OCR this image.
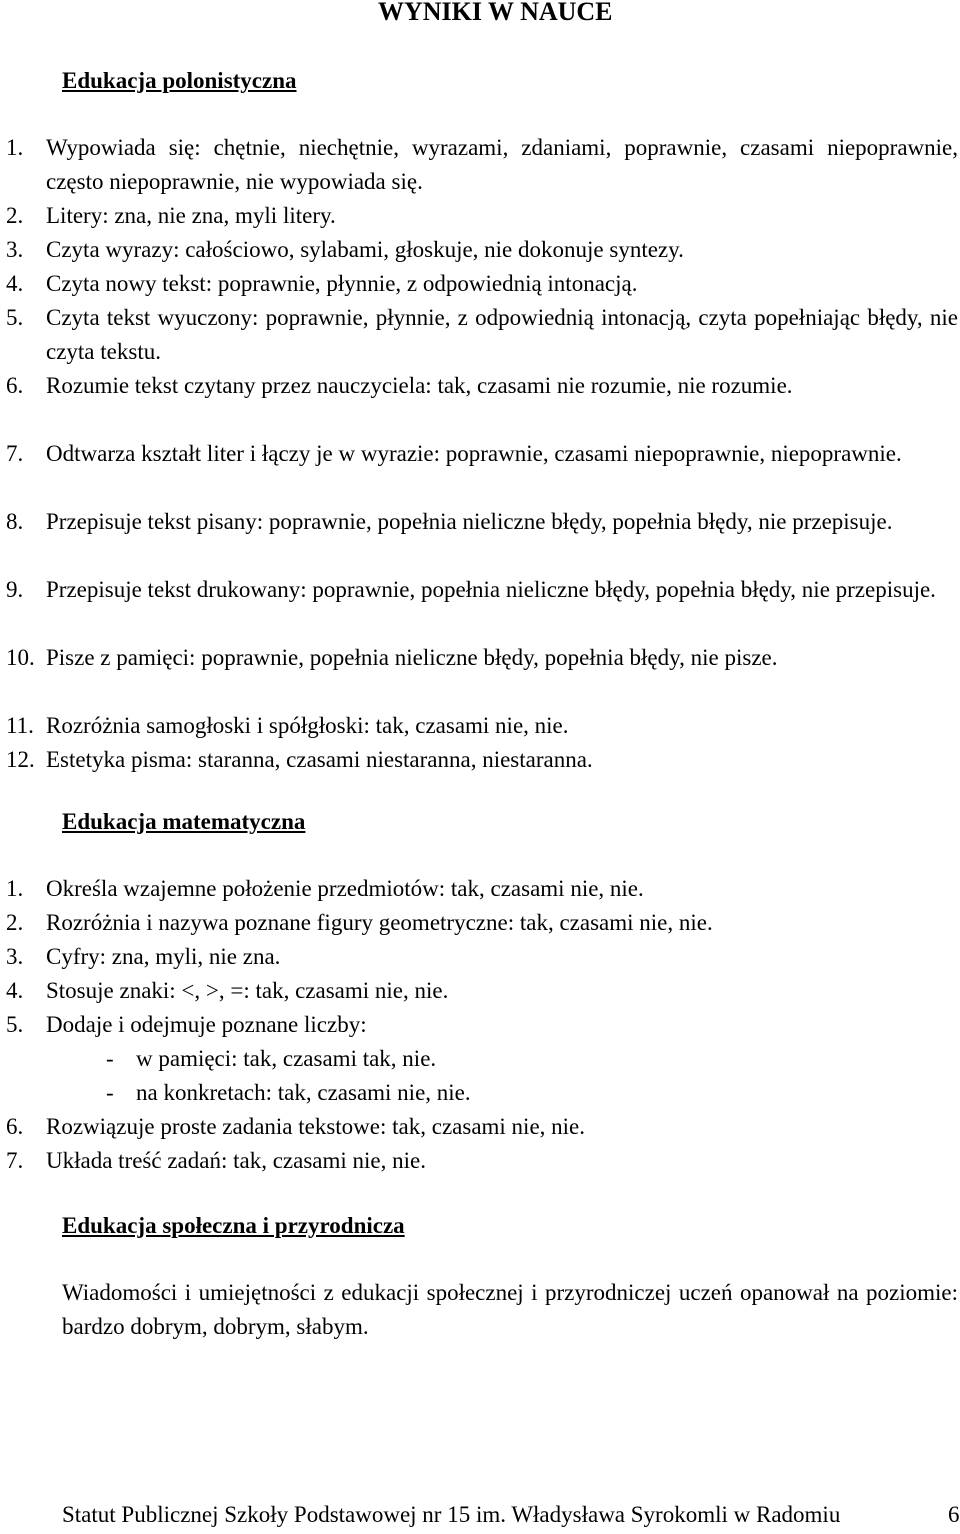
WYNIKI W NAUCE
Edukacja polonistyczna
1. Wypowiada się: chętnie, niechętnie, wyrazami, zdaniami, poprawnie, czasami niepoprawnie, często niepoprawnie, nie wypowiada się.
2. Litery: zna, nie zna, myli litery.
3. Czyta wyrazy: całościowo, sylabami, głoskuje, nie dokonuje syntezy.
4. Czyta nowy tekst: poprawnie, płynnie, z odpowiednią intonacją.
5. Czyta tekst wyuczony: poprawnie, płynnie, z odpowiednią intonacją, czyta popełniając błędy, nie czyta tekstu.
6. Rozumie tekst czytany przez nauczyciela: tak, czasami nie rozumie, nie rozumie.
7. Odtwarza kształt liter i łączy je w wyrazie: poprawnie, czasami niepoprawnie, niepoprawnie.
8. Przepisuje tekst pisany: poprawnie, popełnia nieliczne błędy, popełnia błędy, nie przepisuje.
9. Przepisuje tekst drukowany: poprawnie, popełnia nieliczne błędy, popełnia błędy, nie przepisuje.
10. Pisze z pamięci: poprawnie, popełnia nieliczne błędy, popełnia błędy, nie pisze.
11. Rozróżnia samogłoski i spółgłoski: tak, czasami nie, nie.
12. Estetyka pisma: staranna, czasami niestaranna, niestaranna.
Edukacja matematyczna
1. Określa wzajemne położenie przedmiotów: tak, czasami nie, nie.
2. Rozróżnia i nazywa poznane figury geometryczne: tak, czasami nie, nie.
3. Cyfry: zna, myli, nie zna.
4. Stosuje znaki: <, >, =: tak, czasami nie, nie.
5. Dodaje i odejmuje poznane liczby:
- w pamięci: tak, czasami tak, nie.
- na konkretach: tak, czasami nie, nie.
6. Rozwiązuje proste zadania tekstowe: tak, czasami nie, nie.
7. Układa treść zadań: tak, czasami nie, nie.
Edukacja społeczna i przyrodnicza
Wiadomości i umiejętności z edukacji społecznej i przyrodniczej uczeń opanował na poziomie: bardzo dobrym, dobrym, słabym.
Statut Publicznej Szkoły Podstawowej nr 15 im. Władysława Syrokomli w Radomiu	6
